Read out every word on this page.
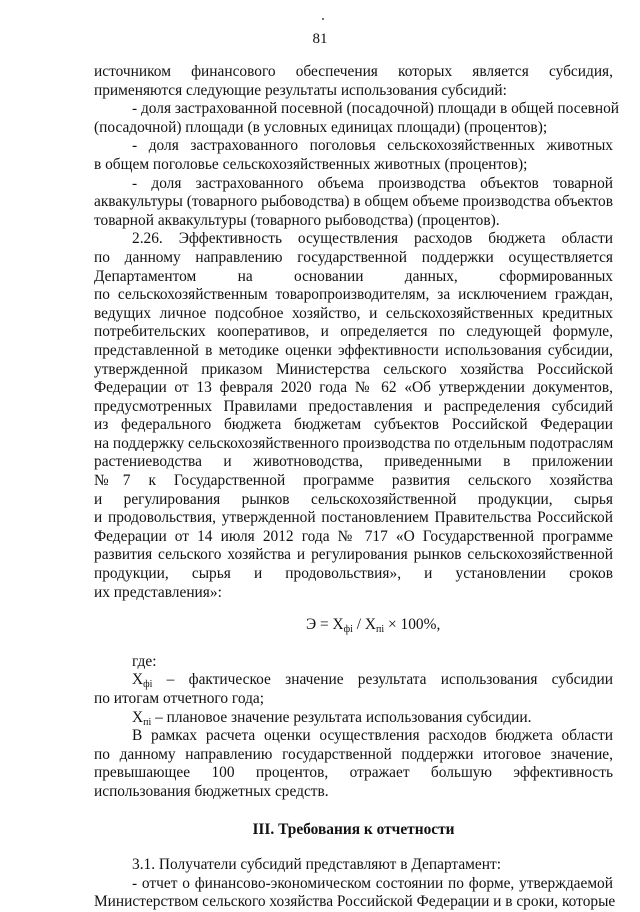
81
источником финансового обеспечения которых является субсидия,
применяются следующие результаты использования субсидий:
- доля застрахованной посевной (посадочной) площади в общей посевной
(посадочной) площади (в условных единицах площади) (процентов);
- доля застрахованного поголовья сельскохозяйственных животных
в общем поголовье сельскохозяйственных животных (процентов);
- доля застрахованного объема производства объектов товарной
аквакультуры (товарного рыбоводства) в общем объеме производства объектов
товарной аквакультуры (товарного рыбоводства) (процентов).
2.26. Эффективность осуществления расходов бюджета области
по данному направлению государственной поддержки осуществляется
Департаментом на основании данных, сформированных
по сельскохозяйственным товаропроизводителям, за исключением граждан,
ведущих личное подсобное хозяйство, и сельскохозяйственных кредитных
потребительских кооперативов, и определяется по следующей формуле,
представленной в методике оценки эффективности использования субсидии,
утвержденной приказом Министерства сельского хозяйства Российской
Федерации от 13 февраля 2020 года № 62 «Об утверждении документов,
предусмотренных Правилами предоставления и распределения субсидий
из федерального бюджета бюджетам субъектов Российской Федерации
на поддержку сельскохозяйственного производства по отдельным подотраслям
растениеводства и животноводства, приведенными в приложении
№7 к Государственной программе развития сельского хозяйства
и регулирования рынков сельскохозяйственной продукции, сырья
и продовольствия, утвержденной постановлением Правительства Российской
Федерации от 14 июля 2012 года № 717 «О Государственной программе
развития сельского хозяйства и регулирования рынков сельскохозяйственной
продукции, сырья и продовольствия», и установлении сроков
их представления»:
$Э = Х_{фi} / Х_{пi} \times 100\%$,
где:
$Х_{фi}$ – фактическое значение результата использования субсидии
по итогам отчетного года;
$Х_{пi}$ – плановое значение результата использования субсидии.
В рамках расчета оценки осуществления расходов бюджета области
по данному направлению государственной поддержки итоговое значение,
превышающее 100 процентов, отражает большую эффективность
использования бюджетных средств.
III. Требования к отчетности
3.1. Получатели субсидий представляют в Департамент:
- отчет о финансово-экономическом состоянии по форме, утверждаемой
Министерством сельского хозяйства Российской Федерации и в сроки, которые
